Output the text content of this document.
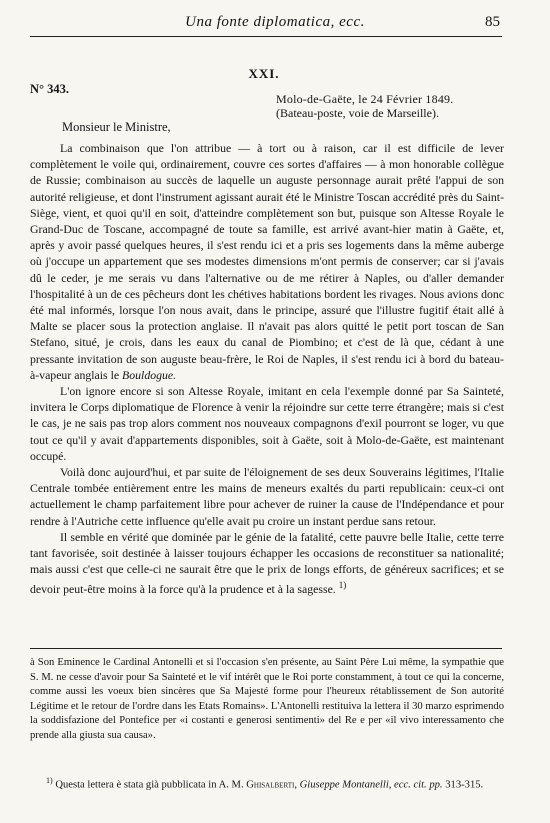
Una fonte diplomatica, ecc.	85
XXI.
N° 343.
Molo-de-Gaëte, le 24 Février 1849.
(Bateau-poste, voie de Marseille).
Monsieur le Ministre,

La combinaison que l'on attribue — à tort ou à raison, car il est difficile de lever complètement le voile qui, ordinairement, couvre ces sortes d'affaires — à mon honorable collègue de Russie; combinaison au succès de laquelle un auguste personnage aurait prêté l'appui de son autorité religieuse, et dont l'instrument agissant aurait été le Ministre Toscan accrédité près du Saint-Siège, vient, et quoi qu'il en soit, d'atteindre complètement son but, puisque son Altesse Royale le Grand-Duc de Toscane, accompagné de toute sa famille, est arrivé avant-hier matin à Gaëte, et, après y avoir passé quelques heures, il s'est rendu ici et a pris ses logements dans la même auberge où j'occupe un appartement que ses modestes dimensions m'ont permis de conserver; car si j'avais dû le ceder, je me serais vu dans l'alternative ou de me rétirer à Naples, ou d'aller demander l'hospitalité à un de ces pêcheurs dont les chétives habitations bordent les rivages. Nous avions donc été mal informés, lorsque l'on nous avait, dans le principe, assuré que l'illustre fugitif était allé à Malte se placer sous la protection anglaise. Il n'avait pas alors quitté le petit port toscan de San Stefano, situé, je crois, dans les eaux du canal de Piombino; et c'est de là que, cédant à une pressante invitation de son auguste beau-frère, le Roi de Naples, il s'est rendu ici à bord du bateau-à-vapeur anglais le Bouldogue.

L'on ignore encore si son Altesse Royale, imitant en cela l'exemple donné par Sa Sainteté, invitera le Corps diplomatique de Florence à venir la réjoindre sur cette terre étrangère; mais si c'est le cas, je ne sais pas trop alors comment nos nouveaux compagnons d'exil pourront se loger, vu que tout ce qu'il y avait d'appartements disponibles, soit à Gaëte, soit à Molo-de-Gaëte, est maintenant occupé.

Voilà donc aujourd'hui, et par suite de l'éloignement de ses deux Souverains légitimes, l'Italie Centrale tombée entièrement entre les mains de meneurs exaltés du parti republicain: ceux-ci ont actuellement le champ parfaitement libre pour achever de ruiner la cause de l'Indépendance et pour rendre à l'Autriche cette influence qu'elle avait pu croire un instant perdue sans retour.

Il semble en vérité que dominée par le génie de la fatalité, cette pauvre belle Italie, cette terre tant favorisée, soit destinée à laisser toujours échapper les occasions de reconstituer sa nationalité; mais aussi c'est que celle-ci ne saurait être que le prix de longs efforts, de généreux sacrifices; et se devoir peut-être moins à la force qu'à la prudence et à la sagesse. $^{1)}$

à Son Eminence le Cardinal Antonelli et si l'occasion s'en présente, au Saint Père Lui même, la sympathie que S. M. ne cesse d'avoir pour Sa Sainteté et le vif intérêt que le Roi porte constamment, à tout ce qui la concerne, comme aussi les voeux bien sincères que Sa Majesté forme pour l'heureux rétablissement de Son autorité Légitime et le retour de l'ordre dans les Etats Romains». L'Antonelli restituiva la lettera il 30 marzo esprimendo la soddisfazione del Pontefice per «i costanti e generosi sentimenti» del Re e per «il vivo interessamento che prende alla giusta sua causa».

$^{1)}$ Questa lettera è stata già pubblicata in A. M. Ghisalberti, Giuseppe Montanelli, ecc. cit. pp. 313-315.
